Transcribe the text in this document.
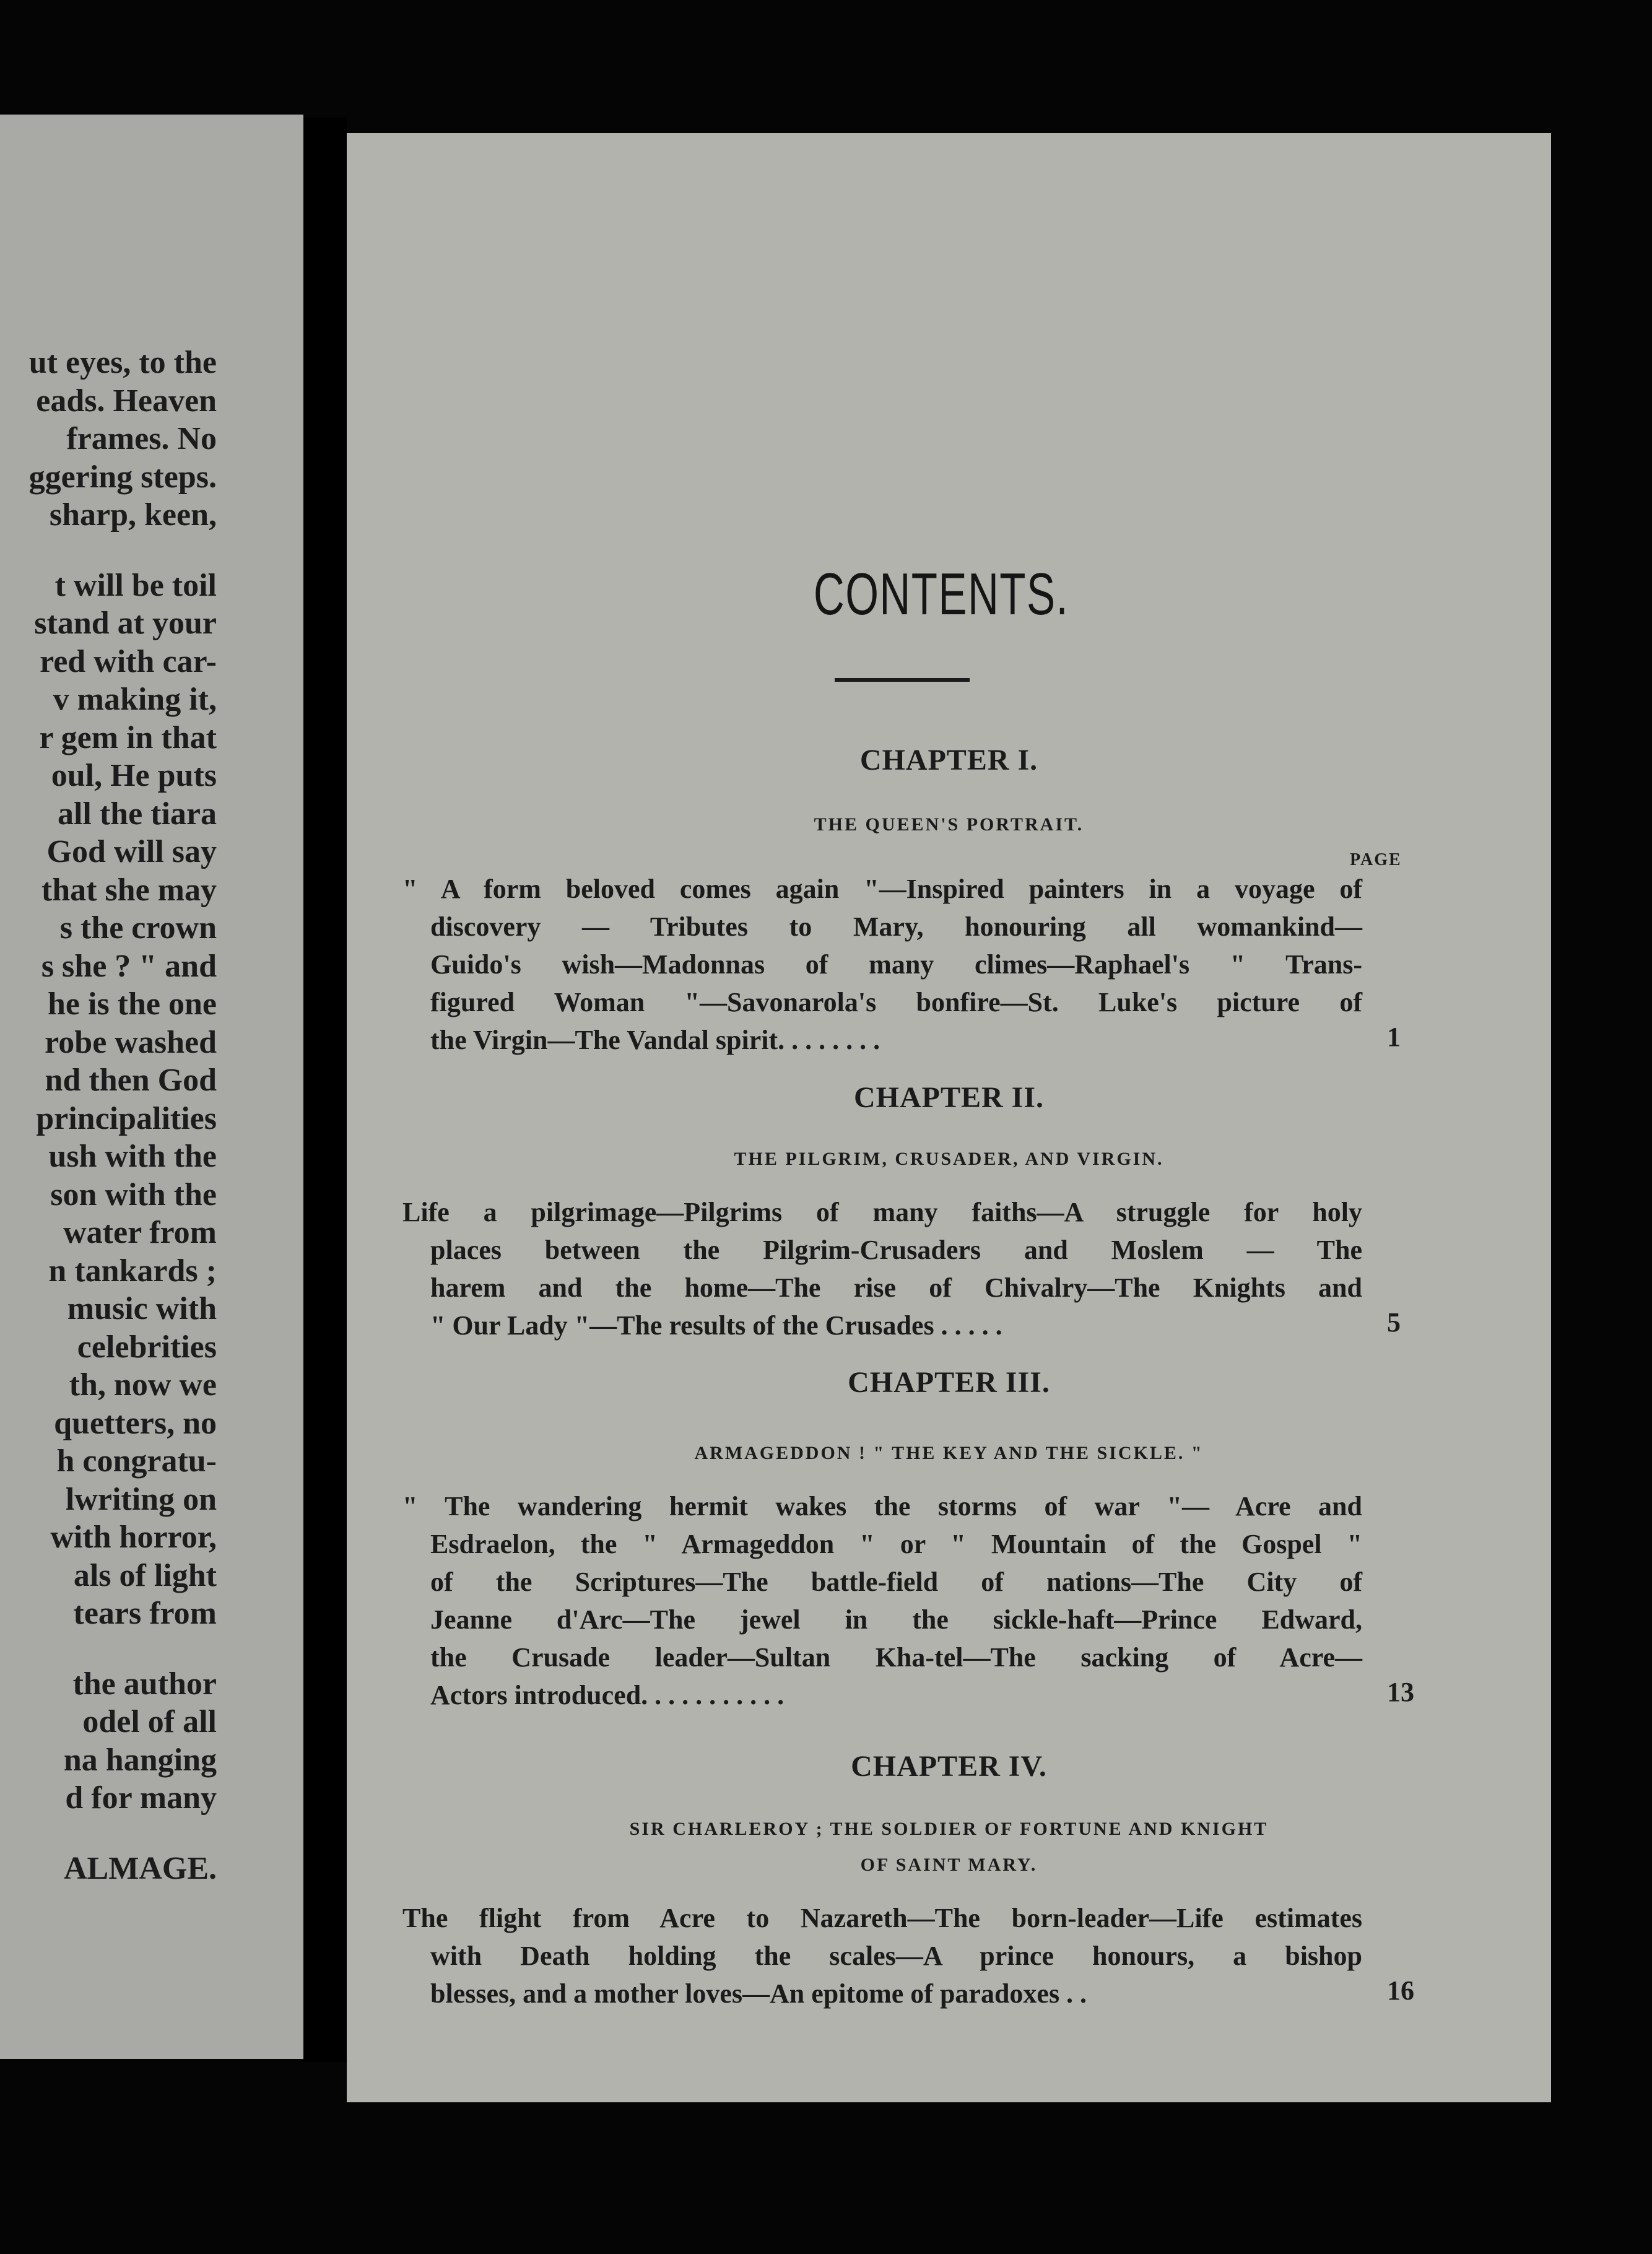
ut eyes, to the
eads. Heaven
frames. No
ggering steps.
sharp, keen,
t will be toil
stand at your
red with car-
v making it,
r gem in that
oul, He puts
all the tiara
God will say
that she may
s the crown
s she ? " and
he is the one
robe washed
nd then God
principalities
ush with the
son with the
water from
n tankards ;
music with
celebrities
th, now we
quetters, no
h congratu-
lwriting on
with horror,
als of light
tears from
the author
odel of all
na hanging
d for many
ALMAGE.
CONTENTS.
CHAPTER I.
THE QUEEN'S PORTRAIT.
PAGE
" A form beloved comes again "—Inspired painters in a voyage of
discovery — Tributes to Mary, honouring all womankind—
Guido's wish—Madonnas of many climes—Raphael's " Trans-
figured Woman "—Savonarola's bonfire—St. Luke's picture of
the Virgin—The Vandal spirit. . . . . . . .	1
CHAPTER II.
THE PILGRIM, CRUSADER, AND VIRGIN.
Life a pilgrimage—Pilgrims of many faiths—A struggle for holy
places between the Pilgrim-Crusaders and Moslem — The
harem and the home—The rise of Chivalry—The Knights and
" Our Lady "—The results of the Crusades . . . . .	5
CHAPTER III.
ARMAGEDDON ! " THE KEY AND THE SICKLE. "
" The wandering hermit wakes the storms of war "— Acre and
Esdraelon, the " Armageddon " or " Mountain of the Gospel "
of the Scriptures—The battle-field of nations—The City of
Jeanne d'Arc—The jewel in the sickle-haft—Prince Edward,
the Crusade leader—Sultan Kha-tel—The sacking of Acre—
Actors introduced. . . . . . . . . . .	13
CHAPTER IV.
SIR CHARLEROY ; THE SOLDIER OF FORTUNE AND KNIGHT
OF SAINT MARY.
The flight from Acre to Nazareth—The born-leader—Life estimates
with Death holding the scales—A prince honours, a bishop
blesses, and a mother loves—An epitome of paradoxes . .	16
